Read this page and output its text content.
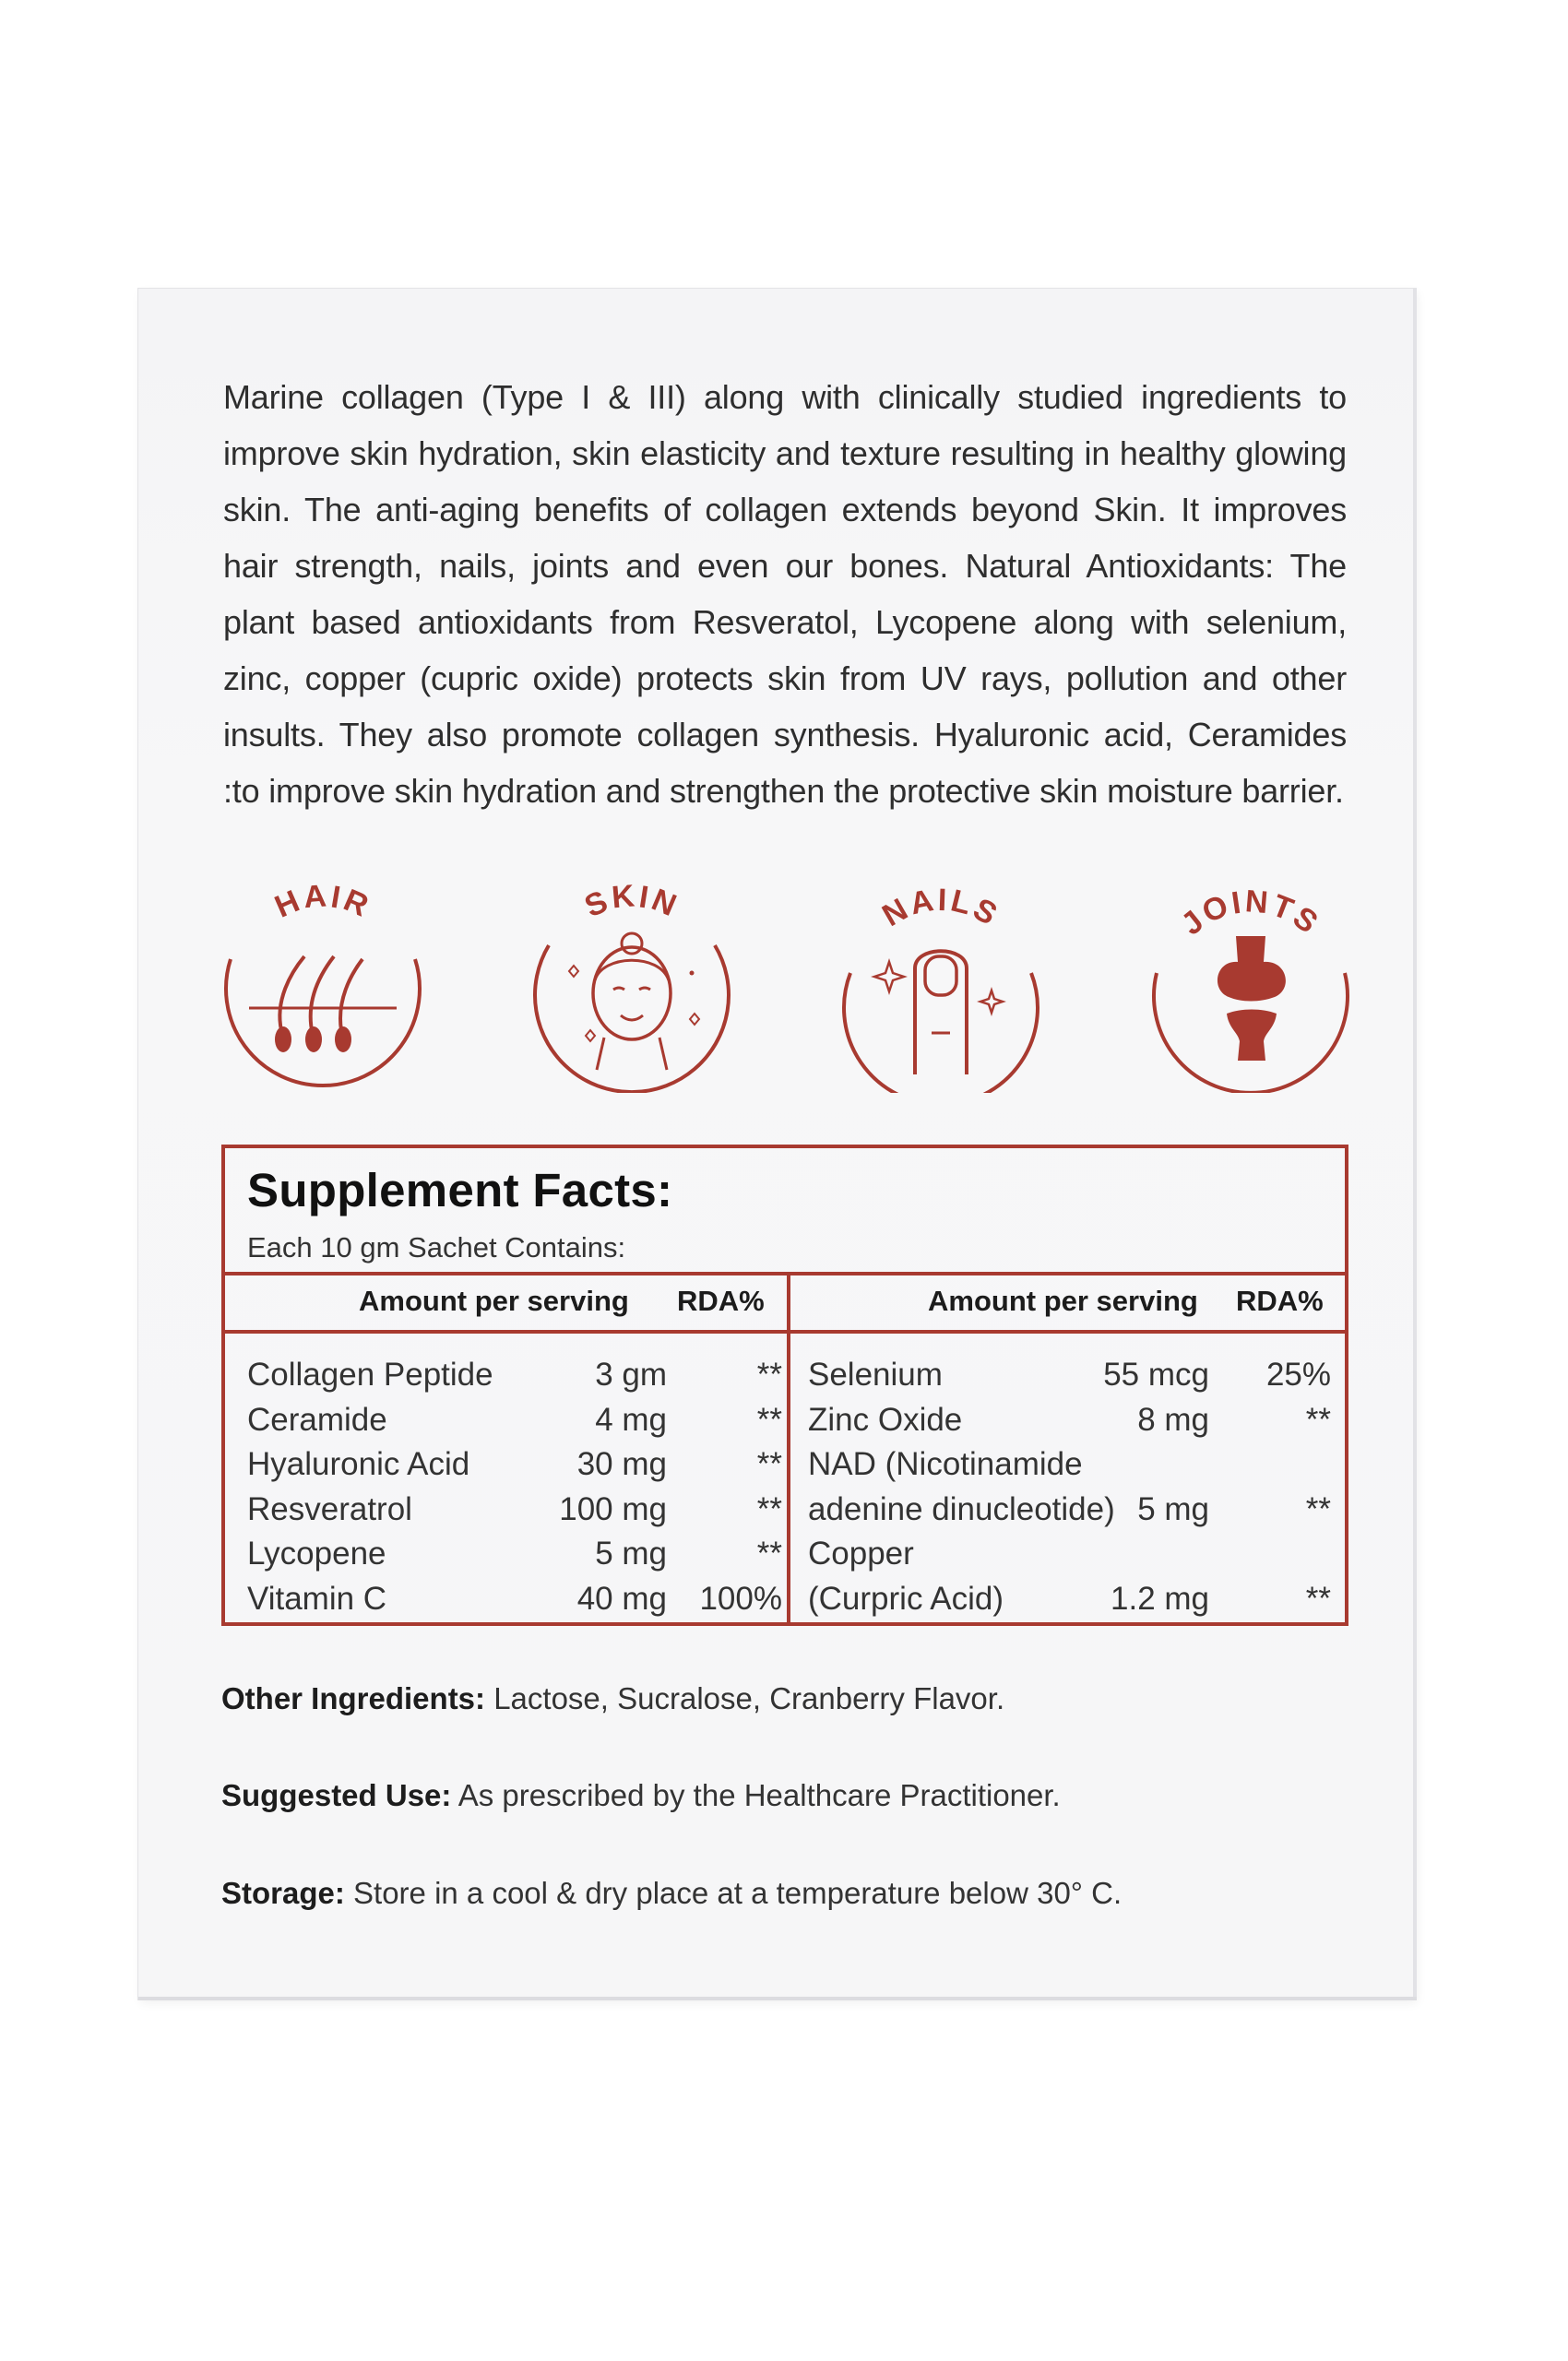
Marine collagen (Type I & III) along with clinically studied ingredients to improve skin hydration, skin elasticity and texture resulting in healthy glowing skin. The anti-aging benefits of collagen extends beyond Skin. It improves hair strength, nails, joints and even our bones. Natural Antioxidants: The plant based antioxidants from Resveratol, Lycopene along with selenium, zinc, copper (cupric oxide) protects skin from UV rays, pollution and other insults. They also promote collagen synthesis. Hyaluronic acid, Ceramides :to improve skin hydration and strengthen the protective skin moisture barrier.

HAIR	SKIN	NAILS	JOINTS
Supplement Facts:
Each 10 gm Sachet Contains:
Amount per serving RDA%	Amount per serving RDA%
Collagen Peptide	3 gm	**
Ceramide	4 mg	**
Hyaluronic Acid	30 mg	**
Resveratrol	100 mg	**
Lycopene	5 mg	**
Vitamin C	40 mg 100%
Selenium	55 mcg 25%
Zinc Oxide	8 mg	**
NAD (Nicotinamide
adenine dinucleotide) 5 mg	**
Copper
(Curpric Acid)	1.2 mg	**
Other Ingredients: Lactose, Sucralose, Cranberry Flavor.
Suggested Use: As prescribed by the Healthcare Practitioner.
Storage: Store in a cool & dry place at a temperature below 30° C.
